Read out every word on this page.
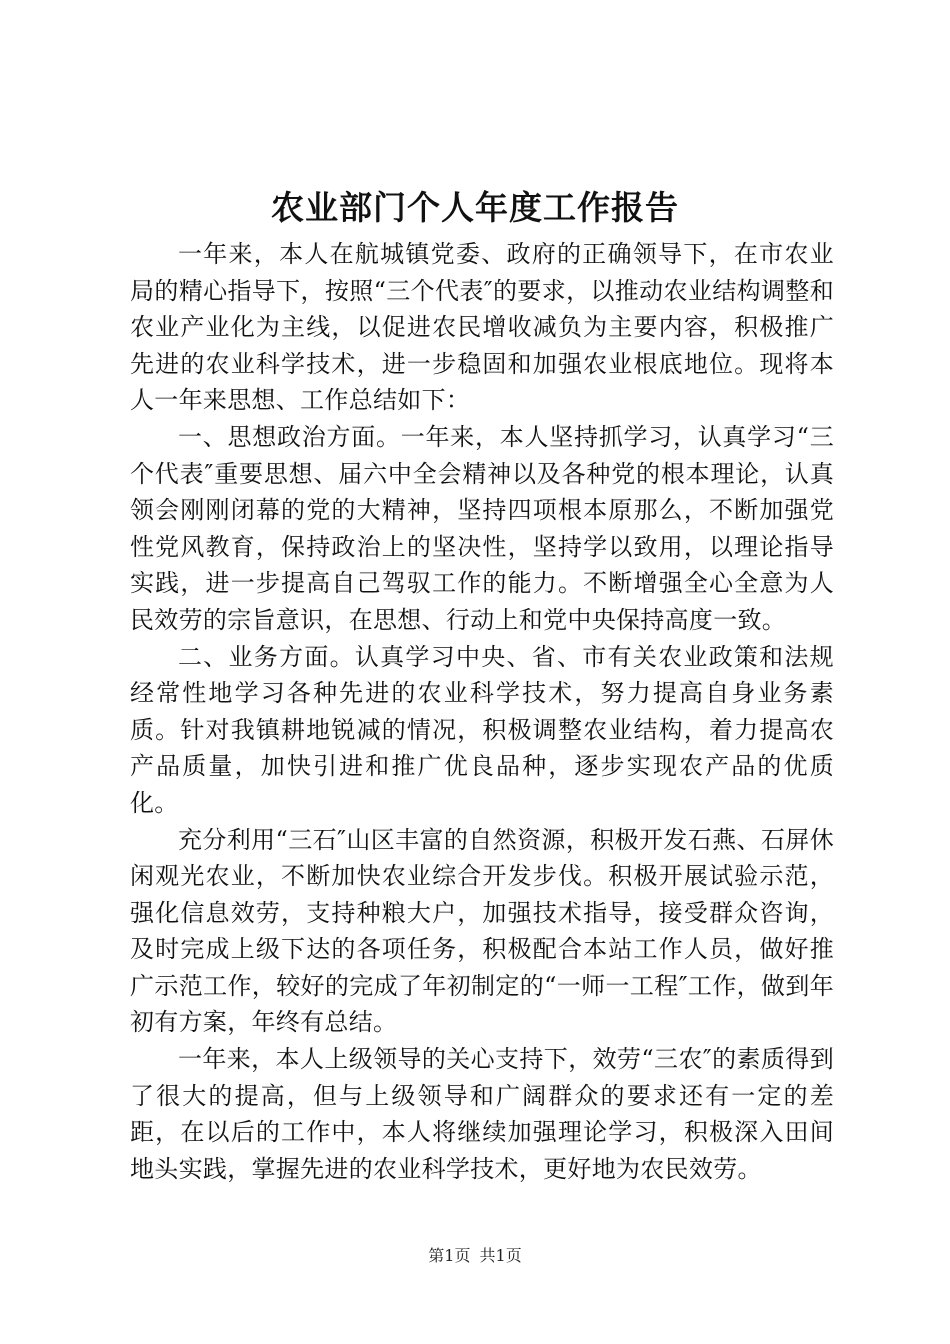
农业部门个人年度工作报告

一年来，本人在航城镇党委、政府的正确领导下，在市农业局的精心指导下，按照“三个代表″的要求，以推动农业结构调整和农业产业化为主线，以促进农民增收减负为主要内容，积极推广先进的农业科学技术，进一步稳固和加强农业根底地位。现将本人一年来思想、工作总结如下：

一、思想政治方面。一年来，本人坚持抓学习，认真学习“三个代表″重要思想、届六中全会精神以及各种党的根本理论，认真领会刚刚闭幕的党的大精神，坚持四项根本原那么，不断加强党性党风教育，保持政治上的坚决性，坚持学以致用，以理论指导实践，进一步提高自己驾驭工作的能力。不断增强全心全意为人民效劳的宗旨意识，在思想、行动上和党中央保持高度一致。

二、业务方面。认真学习中央、省、市有关农业政策和法规经常性地学习各种先进的农业科学技术，努力提高自身业务素质。针对我镇耕地锐减的情况，积极调整农业结构，着力提高农产品质量，加快引进和推广优良品种，逐步实现农产品的优质化。

充分利用“三石″山区丰富的自然资源，积极开发石燕、石屏休闲观光农业，不断加快农业综合开发步伐。积极开展试验示范，强化信息效劳，支持种粮大户，加强技术指导，接受群众咨询，及时完成上级下达的各项任务，积极配合本站工作人员，做好推广示范工作，较好的完成了年初制定的“一师一工程″工作，做到年初有方案，年终有总结。

一年来，本人上级领导的关心支持下，效劳“三农″的素质得到了很大的提高，但与上级领导和广阔群众的要求还有一定的差距，在以后的工作中，本人将继续加强理论学习，积极深入田间地头实践，掌握先进的农业科学技术，更好地为农民效劳。

第1页 共1页
